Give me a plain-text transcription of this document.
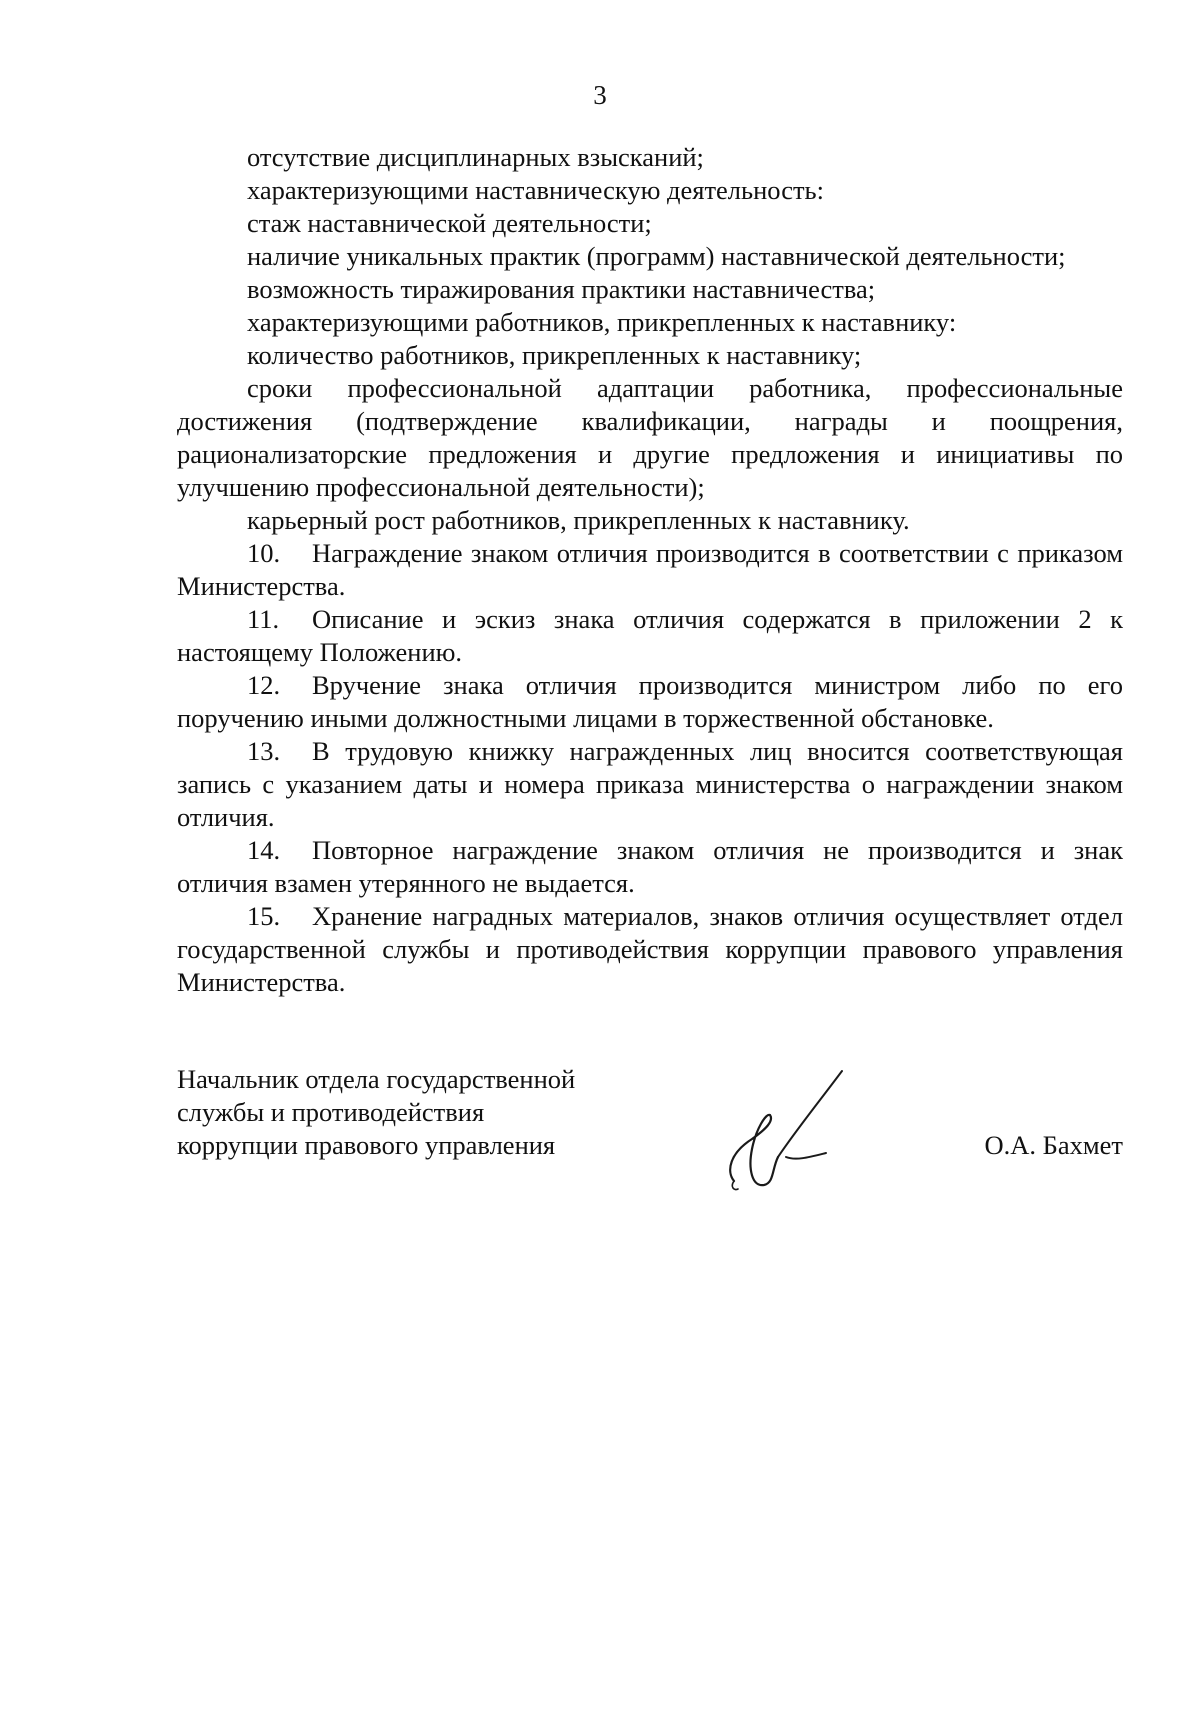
3

отсутствие дисциплинарных взысканий;

характеризующими наставническую деятельность:

стаж наставнической деятельности;

наличие уникальных практик (программ) наставнической деятельности;

возможность тиражирования практики наставничества;

характеризующими работников, прикрепленных к наставнику:

количество работников, прикрепленных к наставнику;

сроки профессиональной адаптации работника, профессиональные достижения (подтверждение квалификации, награды и поощрения, рационализаторские предложения и другие предложения и инициативы по улучшению профессиональной деятельности);

карьерный рост работников, прикрепленных к наставнику.

10. Награждение знаком отличия производится в соответствии с приказом Министерства.

11. Описание и эскиз знака отличия содержатся в приложении 2 к настоящему Положению.

12. Вручение знака отличия производится министром либо по его поручению иными должностными лицами в торжественной обстановке.

13. В трудовую книжку награжденных лиц вносится соответствующая запись с указанием даты и номера приказа министерства о награждении знаком отличия.

14. Повторное награждение знаком отличия не производится и знак отличия взамен утерянного не выдается.

15. Хранение наградных материалов, знаков отличия осуществляет отдел государственной службы и противодействия коррупции правового управления Министерства.

Начальник отдела государственной
службы и противодействия
коррупции правового управления	О.А. Бахмет
